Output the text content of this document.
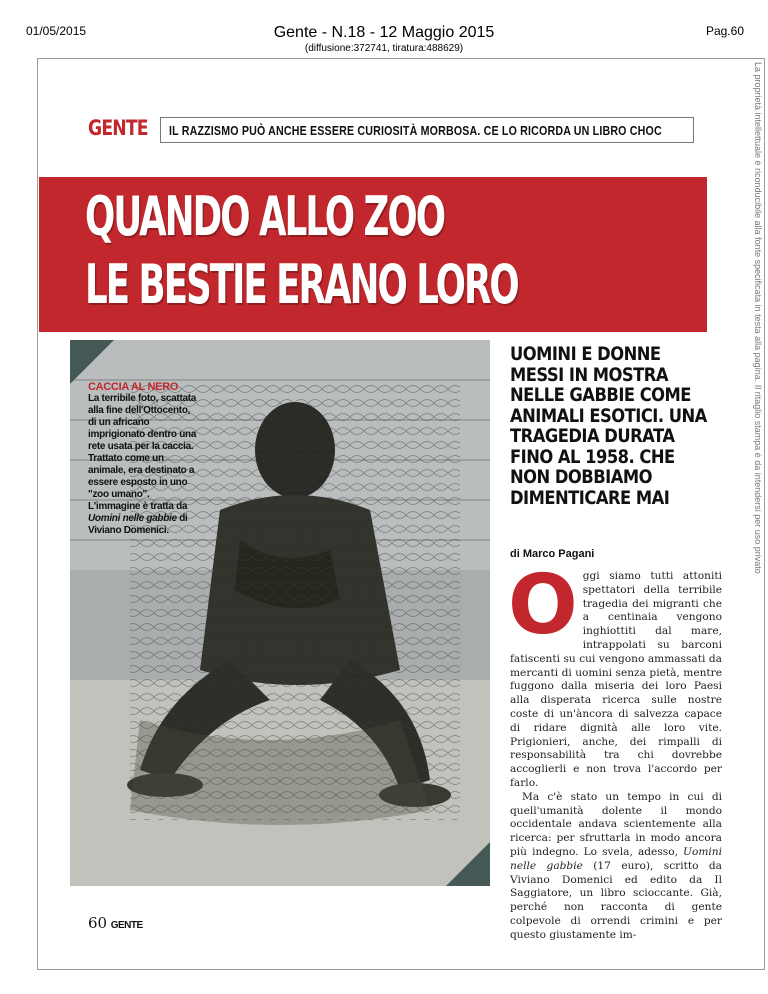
01/05/2015	Gente - N.18 - 12 Maggio 2015
(diffusione:372741, tiratura:488629)
Pag.60
La proprietà intellettuale è riconducibile alla fonte specificata in testa alla pagina. Il ritaglio stampa è da intendersi per uso privato
GENTE IL RAZZISMO PUÒ ANCHE ESSERE CURIOSITÀ MORBOSA. CE LO RICORDA UN LIBRO CHOC
QUANDO ALLO ZOO
LE BESTIE ERANO LORO
CACCIA AL NERO
La terribile foto, scattata alla fine dell'Ottocento, di un africano imprigionato dentro una rete usata per la caccia. Trattato come un animale, era destinato a essere esposto in uno "zoo umano". L'immagine è tratta da Uomini nelle gabbie di Viviano Domenici.
UOMINI E DONNE MESSI IN MOSTRA NELLE GABBIE COME ANIMALI ESOTICI. UNA TRAGEDIA DURATA FINO AL 1958. CHE NON DOBBIAMO DIMENTICARE MAI
di Marco Pagani
O ggi siamo tutti attoniti spettatori della terribile tragedia dei migranti che a centinaia vengono inghiottiti dal mare, intrappolati su barconi fatiscenti su cui vengono ammassati da mercanti di uomini senza pietà, mentre fuggono dalla miseria dei loro Paesi alla disperata ricerca sulle nostre coste di un'àncora di salvezza capace di ridare dignità alle loro vite. Prigionieri, anche, dei rimpalli di responsabilità tra chi dovrebbe accoglierli e non trova l'accordo per farlo.

Ma c'è stato un tempo in cui di quell'umanità dolente il mondo occidentale andava scientemente alla ricerca: per sfruttarla in modo ancora più indegno. Lo svela, adesso, Uomini nelle gabbie (17 euro), scritto da Viviano Domenici ed edito da Il Saggiatore, un libro scioccante. Già, perché non racconta di gente colpevole di orrendi crimini e per questo giustamente im-

60 GENTE
